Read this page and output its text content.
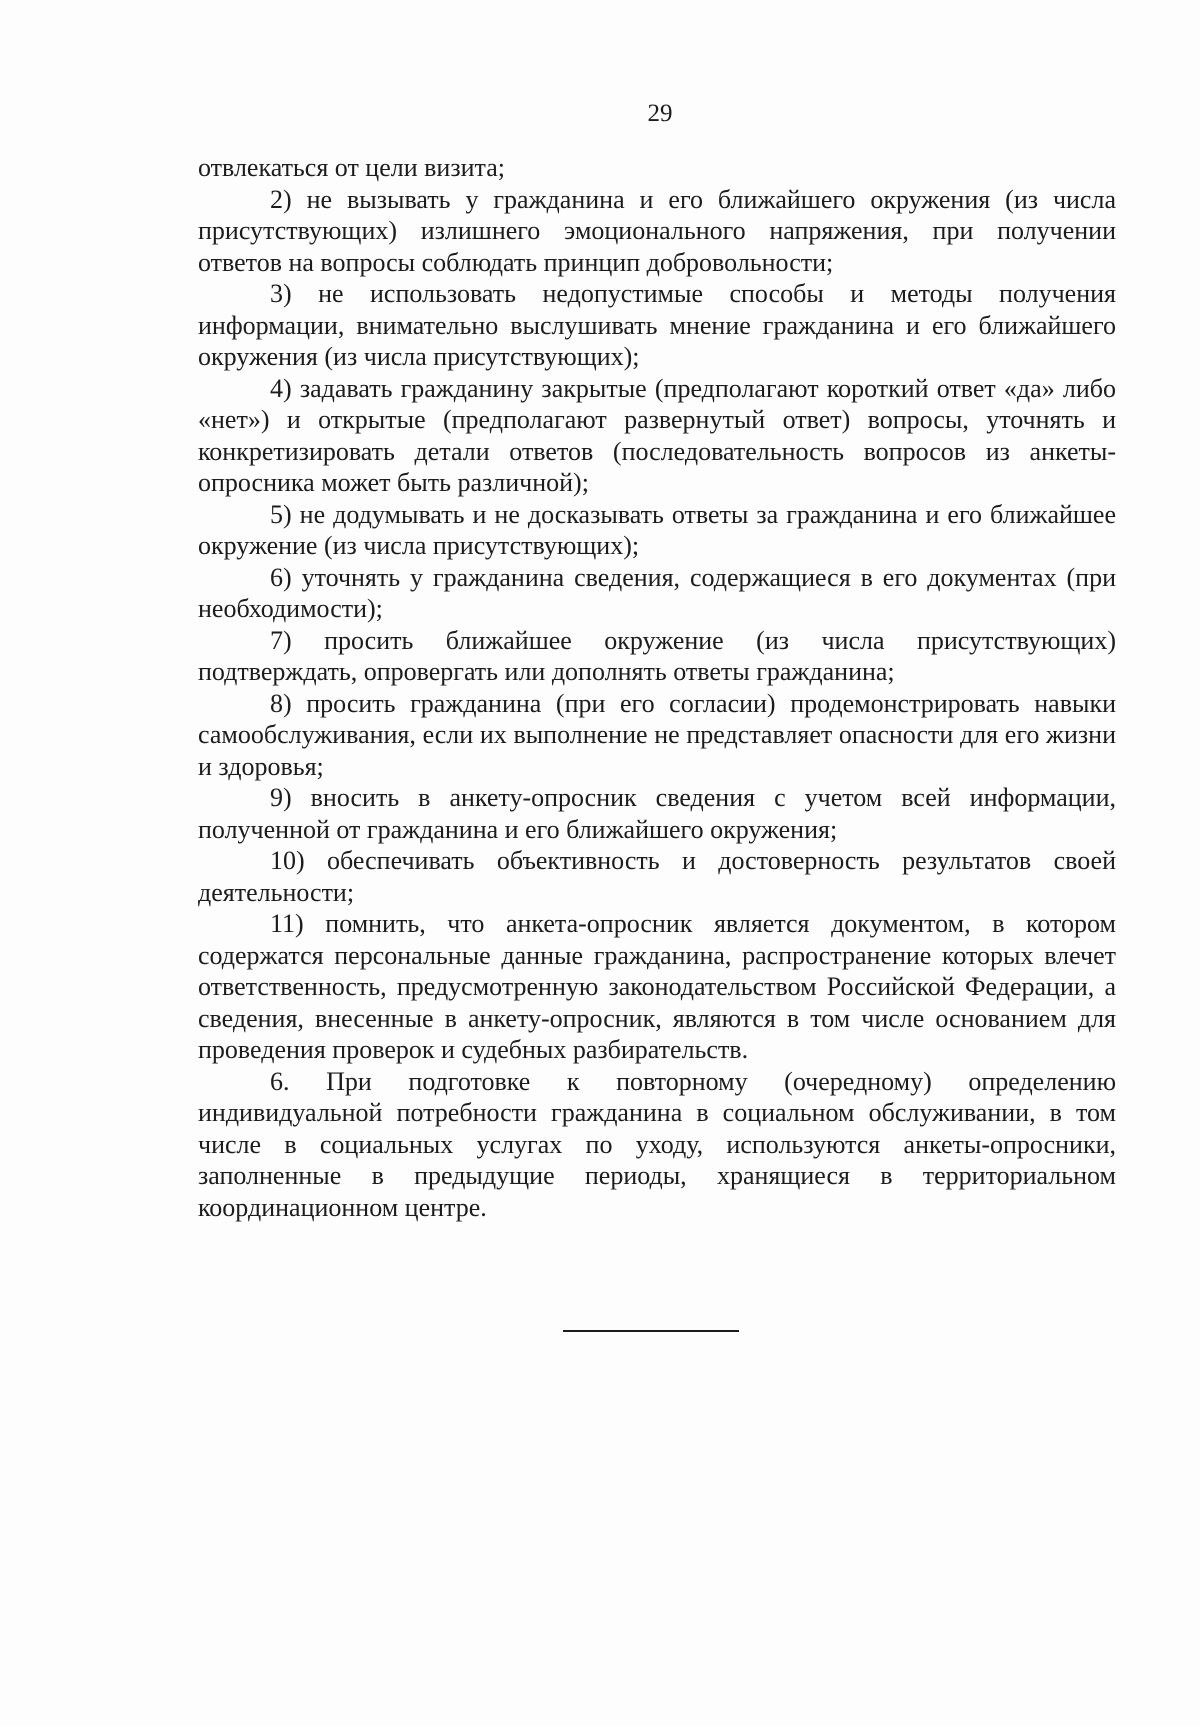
29

отвлекаться от цели визита;

2) не вызывать у гражданина и его ближайшего окружения (из числа присутствующих) излишнего эмоционального напряжения, при получении ответов на вопросы соблюдать принцип добровольности;

3) не использовать недопустимые способы и методы получения информации, внимательно выслушивать мнение гражданина и его ближайшего окружения (из числа присутствующих);

4) задавать гражданину закрытые (предполагают короткий ответ «да» либо «нет») и открытые (предполагают развернутый ответ) вопросы, уточнять и конкретизировать детали ответов (последовательность вопросов из анкеты-опросника может быть различной);

5) не додумывать и не досказывать ответы за гражданина и его ближайшее окружение (из числа присутствующих);

6) уточнять у гражданина сведения, содержащиеся в его документах (при необходимости);

7) просить ближайшее окружение (из числа присутствующих) подтверждать, опровергать или дополнять ответы гражданина;

8) просить гражданина (при его согласии) продемонстрировать навыки самообслуживания, если их выполнение не представляет опасности для его жизни и здоровья;

9) вносить в анкету-опросник сведения с учетом всей информации, полученной от гражданина и его ближайшего окружения;

10) обеспечивать объективность и достоверность результатов своей деятельности;

11) помнить, что анкета-опросник является документом, в котором содержатся персональные данные гражданина, распространение которых влечет ответственность, предусмотренную законодательством Российской Федерации, а сведения, внесенные в анкету-опросник, являются в том числе основанием для проведения проверок и судебных разбирательств.

6. При подготовке к повторному (очередному) определению индивидуальной потребности гражданина в социальном обслуживании, в том числе в социальных услугах по уходу, используются анкеты-опросники, заполненные в предыдущие периоды, хранящиеся в территориальном координационном центре.
